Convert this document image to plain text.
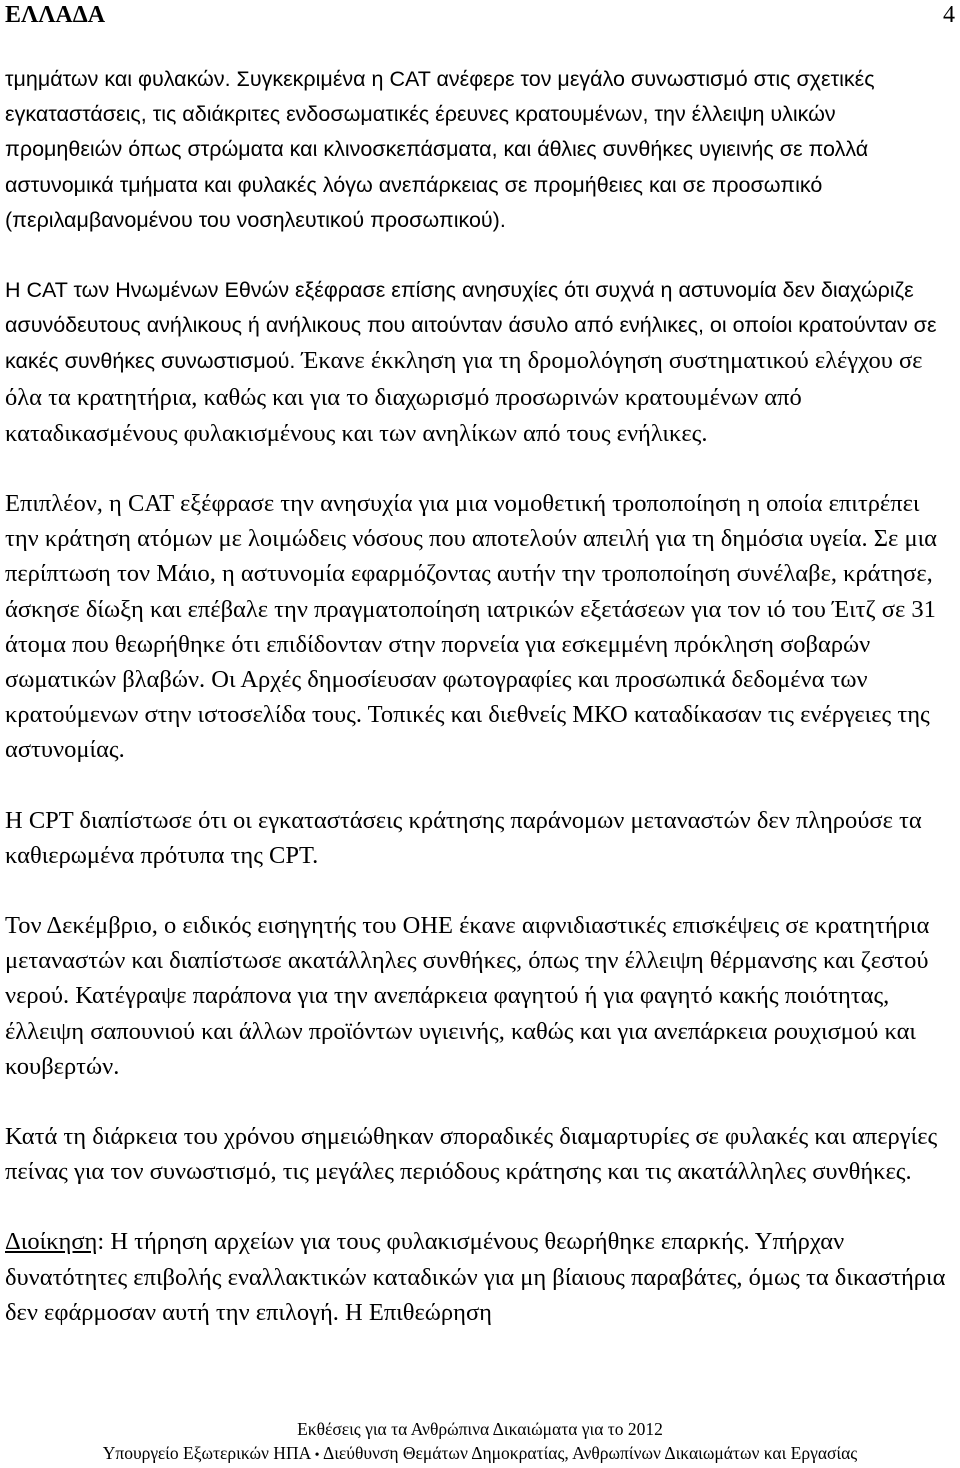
ΕΛΛΑΔΑ	4

τμημάτων και φυλακών. Συγκεκριμένα η CAT ανέφερε τον μεγάλο συνωστισμό στις σχετικές εγκαταστάσεις, τις αδιάκριτες ενδοσωματικές έρευνες κρατουμένων, την έλλειψη υλικών προμηθειών όπως στρώματα και κλινοσκεπάσματα, και άθλιες συνθήκες υγιεινής σε πολλά αστυνομικά τμήματα και φυλακές λόγω ανεπάρκειας σε προμήθειες και σε προσωπικό (περιλαμβανομένου του νοσηλευτικού προσωπικού).

Η CAT των Ηνωμένων Εθνών εξέφρασε επίσης ανησυχίες ότι συχνά η αστυνομία δεν διαχώριζε ασυνόδευτους ανήλικους ή ανήλικους που αιτούνταν άσυλο από ενήλικες, οι οποίοι κρατούνταν σε κακές συνθήκες συνωστισμού. Έκανε έκκληση για τη δρομολόγηση συστηματικού ελέγχου σε όλα τα κρατητήρια, καθώς και για το διαχωρισμό προσωρινών κρατουμένων από καταδικασμένους φυλακισμένους και των ανηλίκων από τους ενήλικες.

Επιπλέον, η CAT εξέφρασε την ανησυχία για μια νομοθετική τροποποίηση η οποία επιτρέπει την κράτηση ατόμων με λοιμώδεις νόσους που αποτελούν απειλή για τη δημόσια υγεία. Σε μια περίπτωση τον Μάιο, η αστυνομία εφαρμόζοντας αυτήν την τροποποίηση συνέλαβε, κράτησε, άσκησε δίωξη και επέβαλε την πραγματοποίηση ιατρικών εξετάσεων για τον ιό του Έιτζ σε 31 άτομα που θεωρήθηκε ότι επιδίδονταν στην πορνεία για εσκεμμένη πρόκληση σοβαρών σωματικών βλαβών. Οι Αρχές δημοσίευσαν φωτογραφίες και προσωπικά δεδομένα των κρατούμενων στην ιστοσελίδα τους. Τοπικές και διεθνείς ΜΚΟ καταδίκασαν τις ενέργειες της αστυνομίας.

Η CPT διαπίστωσε ότι οι εγκαταστάσεις κράτησης παράνομων μεταναστών δεν πληρούσε τα καθιερωμένα πρότυπα της CPT.

Τον Δεκέμβριο, ο ειδικός εισηγητής του ΟΗΕ έκανε αιφνιδιαστικές επισκέψεις σε κρατητήρια μεταναστών και διαπίστωσε ακατάλληλες συνθήκες, όπως την έλλειψη θέρμανσης και ζεστού νερού. Κατέγραψε παράπονα για την ανεπάρκεια φαγητού ή για φαγητό κακής ποιότητας, έλλειψη σαπουνιού και άλλων προϊόντων υγιεινής, καθώς και για ανεπάρκεια ρουχισμού και κουβερτών.

Κατά τη διάρκεια του χρόνου σημειώθηκαν σποραδικές διαμαρτυρίες σε φυλακές και απεργίες πείνας για τον συνωστισμό, τις μεγάλες περιόδους κράτησης και τις ακατάλληλες συνθήκες.

Διοίκηση: Η τήρηση αρχείων για τους φυλακισμένους θεωρήθηκε επαρκής. Υπήρχαν δυνατότητες επιβολής εναλλακτικών καταδικών για μη βίαιους παραβάτες, όμως τα δικαστήρια δεν εφάρμοσαν αυτή την επιλογή. Η Επιθεώρηση

Εκθέσεις για τα Ανθρώπινα Δικαιώματα για το 2012
Υπουργείο Εξωτερικών ΗΠΑ • Διεύθυνση Θεμάτων Δημοκρατίας, Ανθρωπίνων Δικαιωμάτων και Εργασίας
